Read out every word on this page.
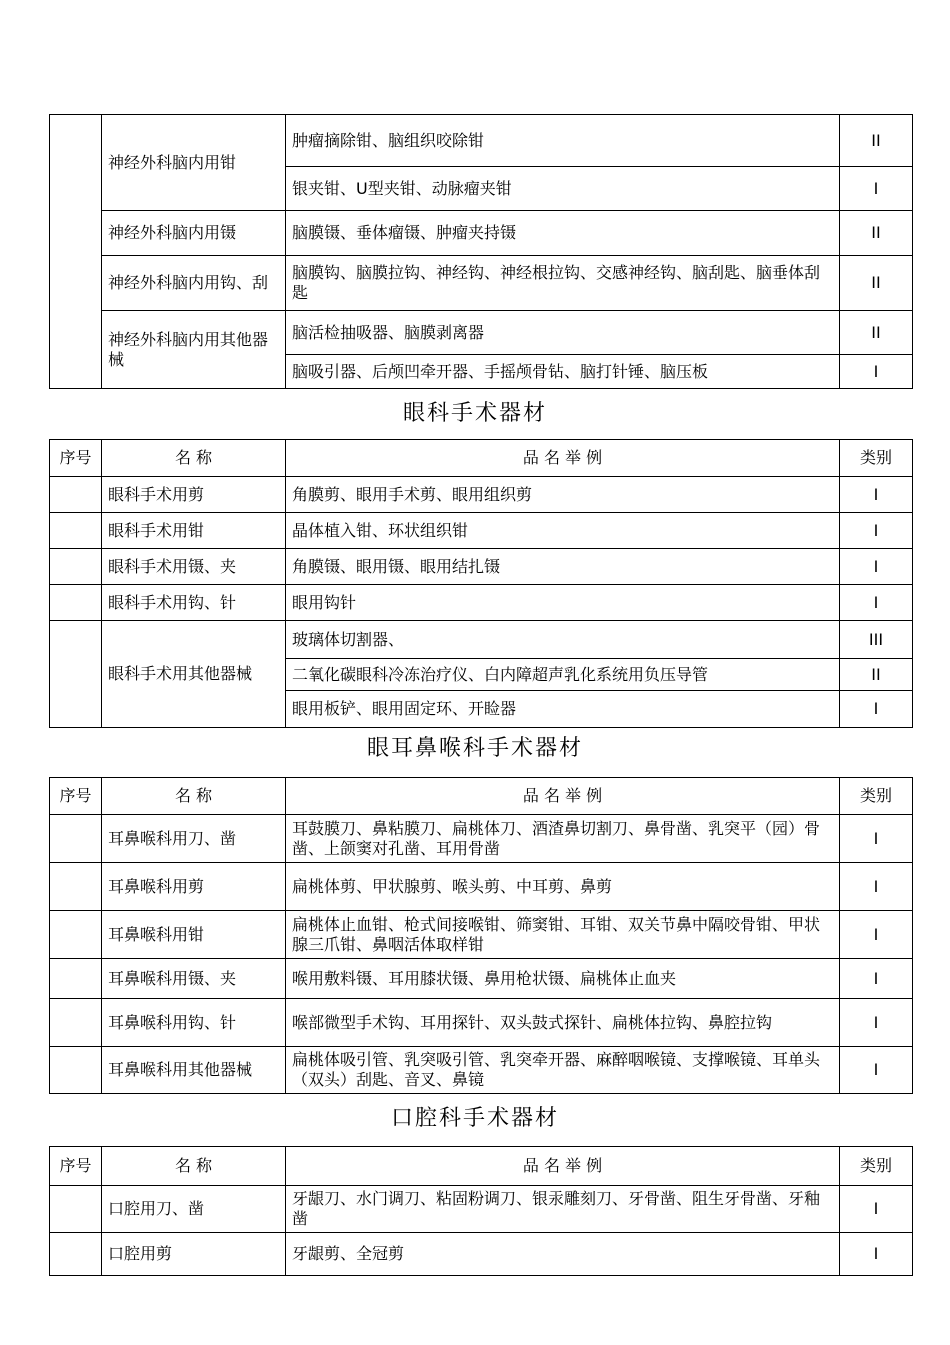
	神经外科脑内用钳	肿瘤摘除钳、脑组织咬除钳	II
		银夹钳、U型夹钳、动脉瘤夹钳	I
	神经外科脑内用镊	脑膜镊、垂体瘤镊、肿瘤夹持镊	II
	神经外科脑内用钩、刮	脑膜钩、脑膜拉钩、神经钩、神经根拉钩、交感神经钩、脑刮匙、脑垂体刮匙	II
	神经外科脑内用其他器械	脑活检抽吸器、脑膜剥离器	II
		脑吸引器、后颅凹牵开器、手摇颅骨钻、脑打针锤、脑压板	I
眼科手术器材
序号	名 称	品 名 举 例	类别
	眼科手术用剪	角膜剪、眼用手术剪、眼用组织剪	I
	眼科手术用钳	晶体植入钳、环状组织钳	I
	眼科手术用镊、夹	角膜镊、眼用镊、眼用结扎镊	I
	眼科手术用钩、针	眼用钩针	I
	眼科手术用其他器械	玻璃体切割器、	III
		二氧化碳眼科冷冻治疗仪、白内障超声乳化系统用负压导管	II
		眼用板铲、眼用固定环、开睑器	I
眼耳鼻喉科手术器材
序号	名 称	品 名 举 例	类别
	耳鼻喉科用刀、凿	耳鼓膜刀、鼻粘膜刀、扁桃体刀、酒渣鼻切割刀、鼻骨凿、乳突平（园）骨凿、上颌窦对孔凿、耳用骨凿	I
	耳鼻喉科用剪	扁桃体剪、甲状腺剪、喉头剪、中耳剪、鼻剪	I
	耳鼻喉科用钳	扁桃体止血钳、枪式间接喉钳、筛窦钳、耳钳、双关节鼻中隔咬骨钳、甲状腺三爪钳、鼻咽活体取样钳	I
	耳鼻喉科用镊、夹	喉用敷料镊、耳用膝状镊、鼻用枪状镊、扁桃体止血夹	I
	耳鼻喉科用钩、针	喉部微型手术钩、耳用探针、双头鼓式探针、扁桃体拉钩、鼻腔拉钩	I
	耳鼻喉科用其他器械	扁桃体吸引管、乳突吸引管、乳突牵开器、麻醉咽喉镜、支撑喉镜、耳单头（双头）刮匙、音叉、鼻镜	I
口腔科手术器材
序号	名 称	品 名 举 例	类别
	口腔用刀、凿	牙龈刀、水门调刀、粘固粉调刀、银汞雕刻刀、牙骨凿、阻生牙骨凿、牙釉凿	I
	口腔用剪	牙龈剪、全冠剪	I
